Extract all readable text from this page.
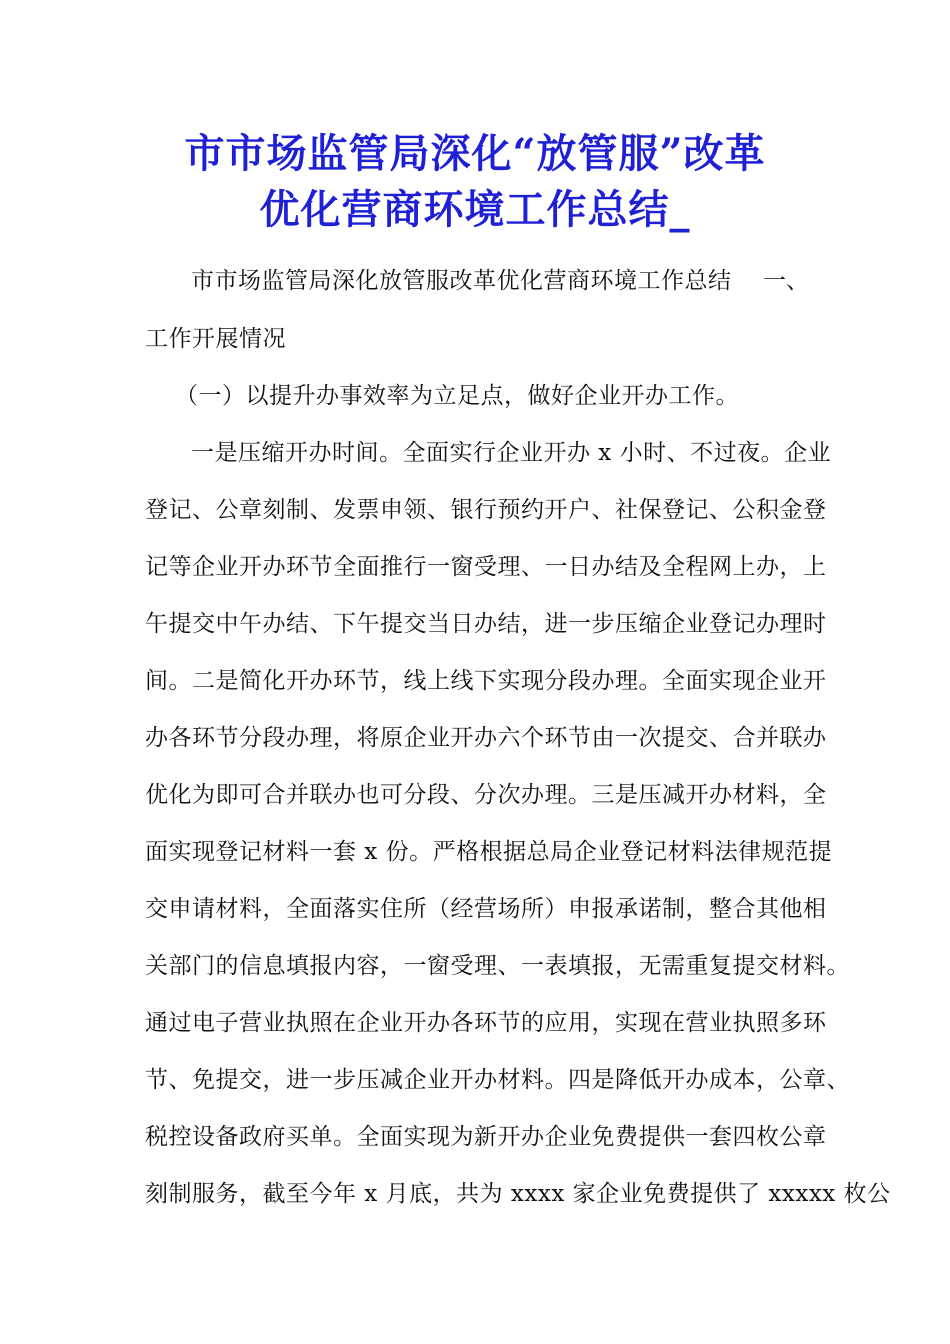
市市场监管局深化“放管服”改革
优化营商环境工作总结_
市市场监管局深化放管服改革优化营商环境工作总结	一、
工作开展情况
（一）以提升办事效率为立足点，做好企业开办工作。
一是压缩开办时间。全面实行企业开办 x 小时、不过夜。企业
登记、公章刻制、发票申领、银行预约开户、社保登记、公积金登
记等企业开办环节全面推行一窗受理、一日办结及全程网上办，上
午提交中午办结、下午提交当日办结，进一步压缩企业登记办理时
间。二是简化开办环节，线上线下实现分段办理。全面实现企业开
办各环节分段办理，将原企业开办六个环节由一次提交、合并联办
优化为即可合并联办也可分段、分次办理。三是压减开办材料，全
面实现登记材料一套 x 份。严格根据总局企业登记材料法律规范提
交申请材料，全面落实住所（经营场所）申报承诺制，整合其他相
关部门的信息填报内容，一窗受理、一表填报，无需重复提交材料。
通过电子营业执照在企业开办各环节的应用，实现在营业执照多环
节、免提交，进一步压减企业开办材料。四是降低开办成本，公章、
税控设备政府买单。全面实现为新开办企业免费提供一套四枚公章
刻制服务，截至今年 x 月底，共为 xxxx 家企业免费提供了 xxxxx 枚公
